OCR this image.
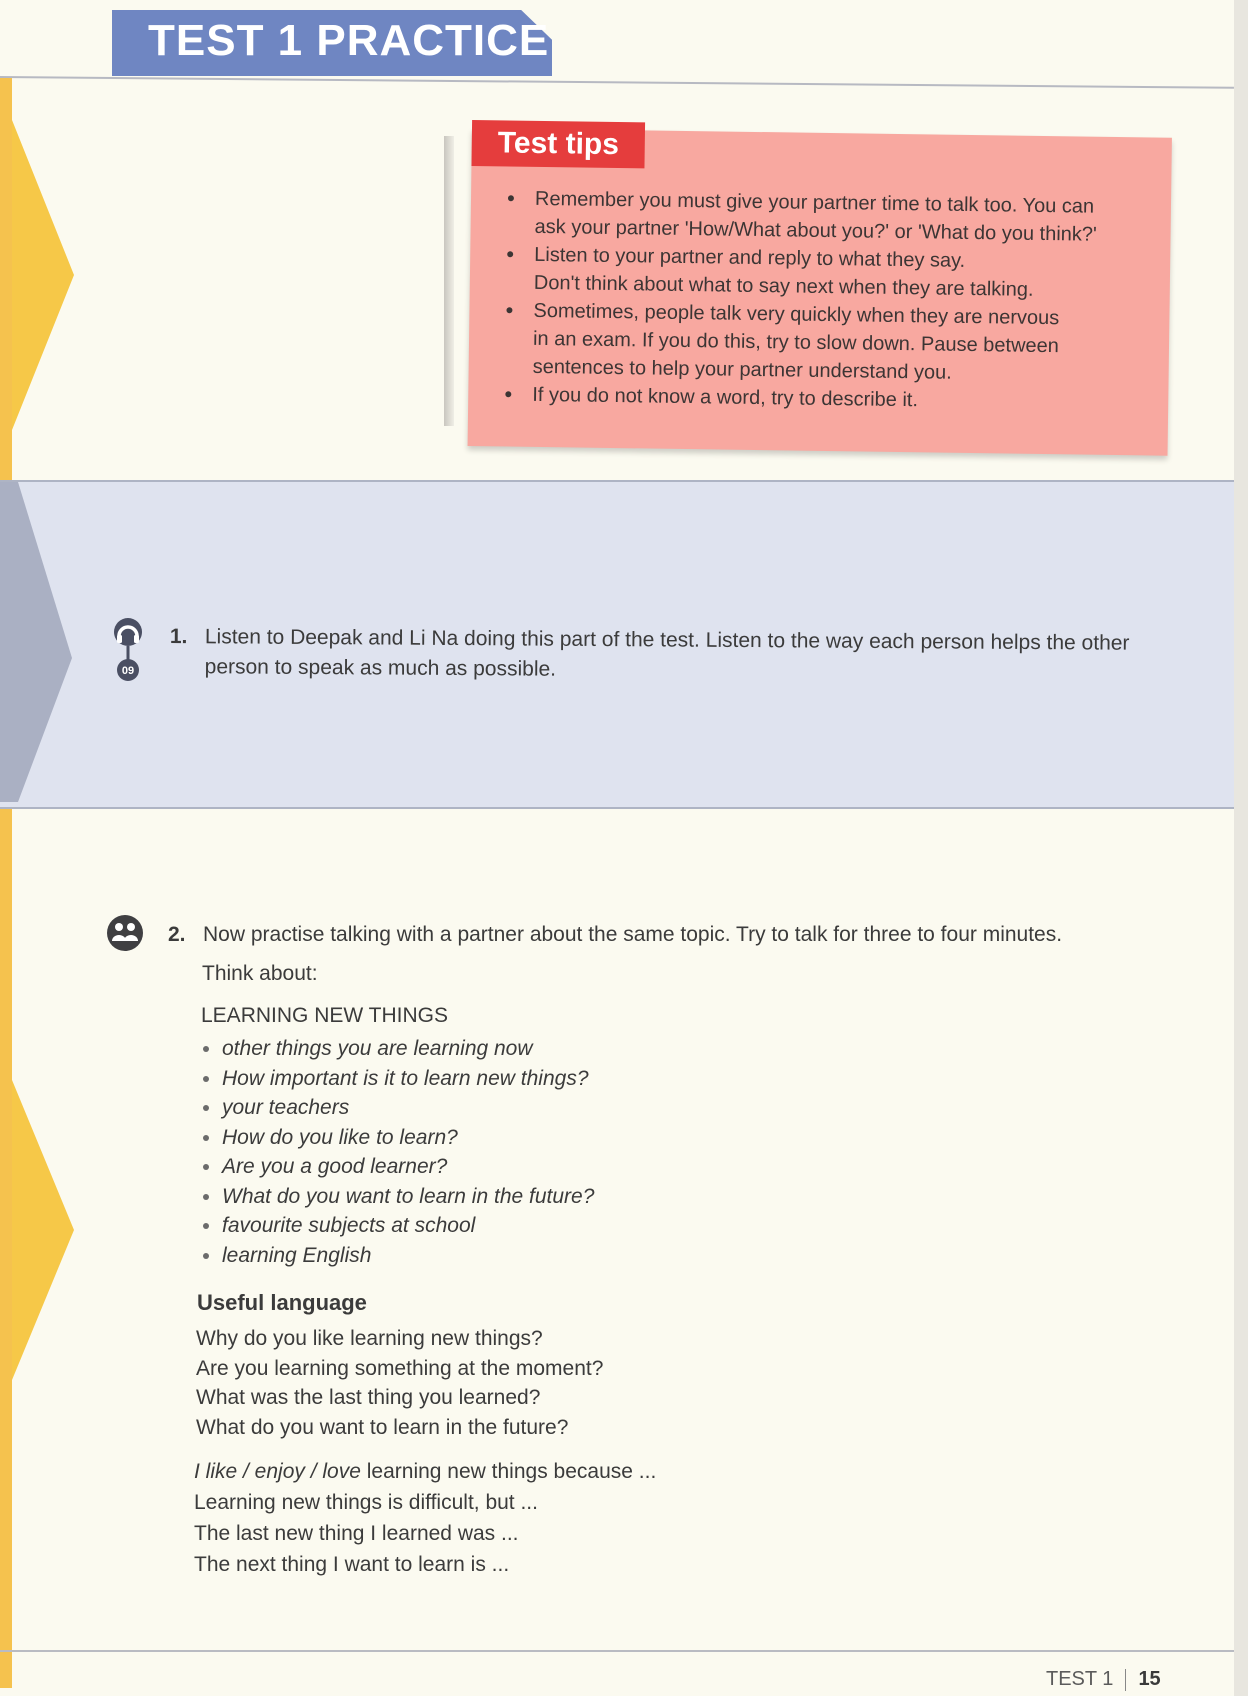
TEST 1 PRACTICE
Test tips
• Remember you must give your partner time to talk too. You can
ask your partner 'How/What about you?' or 'What do you think?'
• Listen to your partner and reply to what they say.
Don't think about what to say next when they are talking.
• Sometimes, people talk very quickly when they are nervous
in an exam. If you do this, try to slow down. Pause between
sentences to help your partner understand you.
• If you do not know a word, try to describe it.
09
1. Listen to Deepak and Li Na doing this part of the test. Listen to the way each person helps the other
person to speak as much as possible.
2. Now practise talking with a partner about the same topic. Try to talk for three to four minutes.
Think about:
LEARNING NEW THINGS
other things you are learning now
How important is it to learn new things?
your teachers
How do you like to learn?
Are you a good learner?
What do you want to learn in the future?
favourite subjects at school
learning English
Useful language
Why do you like learning new things?
Are you learning something at the moment?
What was the last thing you learned?
What do you want to learn in the future?
I like / enjoy / love learning new things because ...
Learning new things is difficult, but ...
The last new thing I learned was ...
The next thing I want to learn is ...
TEST 1 15
